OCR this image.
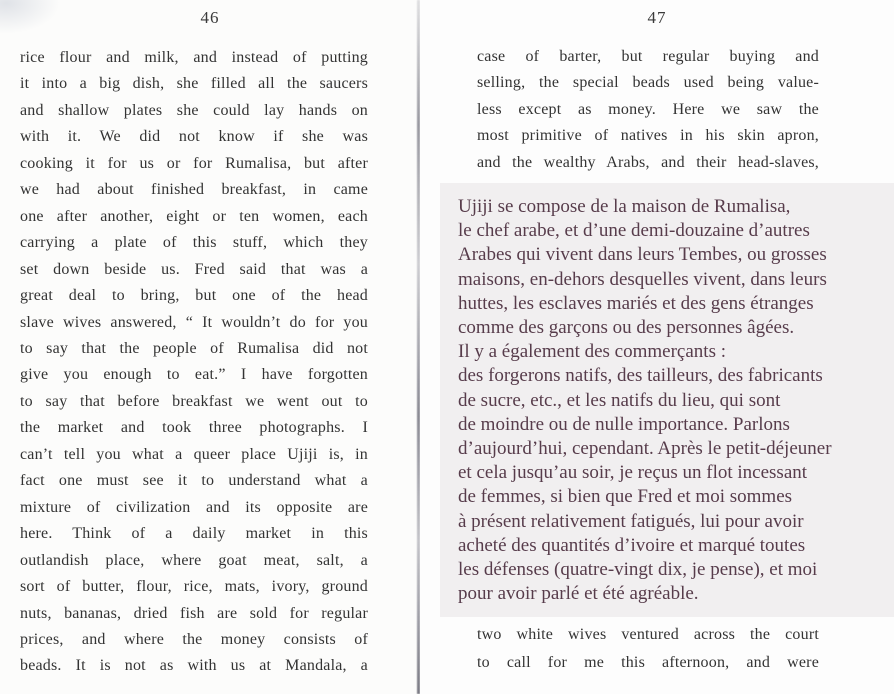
46
rice flour and milk, and instead of putting
it into a big dish, she filled all the saucers
and shallow plates she could lay hands on
with it. We did not know if she was
cooking it for us or for Rumalisa, but after
we had about finished breakfast, in came
one after another, eight or ten women, each
carrying a plate of this stuff, which they
set down beside us. Fred said that was a
great deal to bring, but one of the head
slave wives answered, “ It wouldn’t do for you
to say that the people of Rumalisa did not
give you enough to eat.” I have forgotten
to say that before breakfast we went out to
the market and took three photographs. I
can’t tell you what a queer place Ujiji is, in
fact one must see it to understand what a
mixture of civilization and its opposite are
here. Think of a daily market in this
outlandish place, where goat meat, salt, a
sort of butter, flour, rice, mats, ivory, ground
nuts, bananas, dried fish are sold for regular
prices, and where the money consists of
beads. It is not as with us at Mandala, a
47
case of barter, but regular buying and
selling, the special beads used being value-
less except as money. Here we saw the
most primitive of natives in his skin apron,
and the wealthy Arabs, and their head-slaves,
Ujiji se compose de la maison de Rumalisa,
le chef arabe, et d’une demi-douzaine d’autres
Arabes qui vivent dans leurs Tembes, ou grosses
maisons, en-dehors desquelles vivent, dans leurs
huttes, les esclaves mariés et des gens étranges
comme des garçons ou des personnes âgées.
Il y a également des commerçants :
des forgerons natifs, des tailleurs, des fabricants
de sucre, etc., et les natifs du lieu, qui sont
de moindre ou de nulle importance. Parlons
d’aujourd’hui, cependant. Après le petit-déjeuner
et cela jusqu’au soir, je reçus un flot incessant
de femmes, si bien que Fred et moi sommes
à présent relativement fatigués, lui pour avoir
acheté des quantités d’ivoire et marqué toutes
les défenses (quatre-vingt dix, je pense), et moi
pour avoir parlé et été agréable.
two white wives ventured across the court
to call for me this afternoon, and were
